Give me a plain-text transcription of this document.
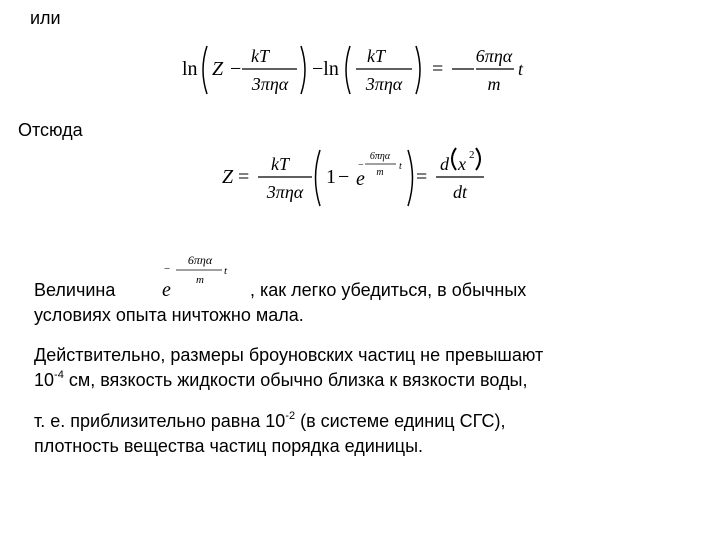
или
ln Z −
kT
3πηα
−ln
kT
3πηα
=
6πηα
m
t
Отсюда
Z =
kT
3πηα
1 − e
−
6πηα
m
t =
d x 2
dt
Величина e
−
6πηα
m
t
, как легко убедиться, в обычных
условиях опыта ничтожно мала.
Действительно, размеры броуновских частиц не превышают
$10^{-4}$ см, вязкость жидкости обычно близка к вязкости воды,
т. е. приблизительно равна $10^{-2}$ (в системе единиц СГС),
плотность вещества частиц порядка единицы.
